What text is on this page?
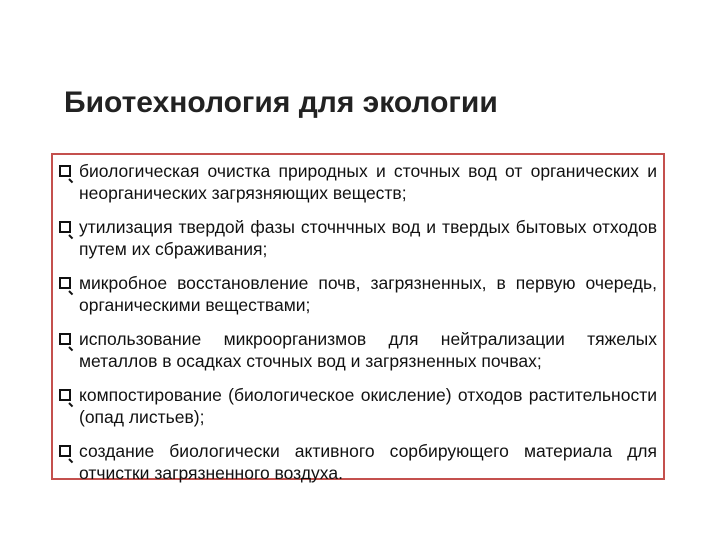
Биотехнология для экологии
биологическая очистка природных и сточных вод от органических и неорганических загрязняющих веществ;
утилизация твердой фазы сточнчных вод и твердых бытовых отходов путем их сбраживания;
микробное восстановление почв, загрязненных, в первую очередь, органическими веществами;
использование микроорганизмов для нейтрализации тяжелых металлов в осадках сточных вод и загрязненных почвах;
компостирование (биологическое окисление) отходов растительности (опад листьев);
создание биологически активного сорбирующего материала для отчистки загрязненного воздуха.
